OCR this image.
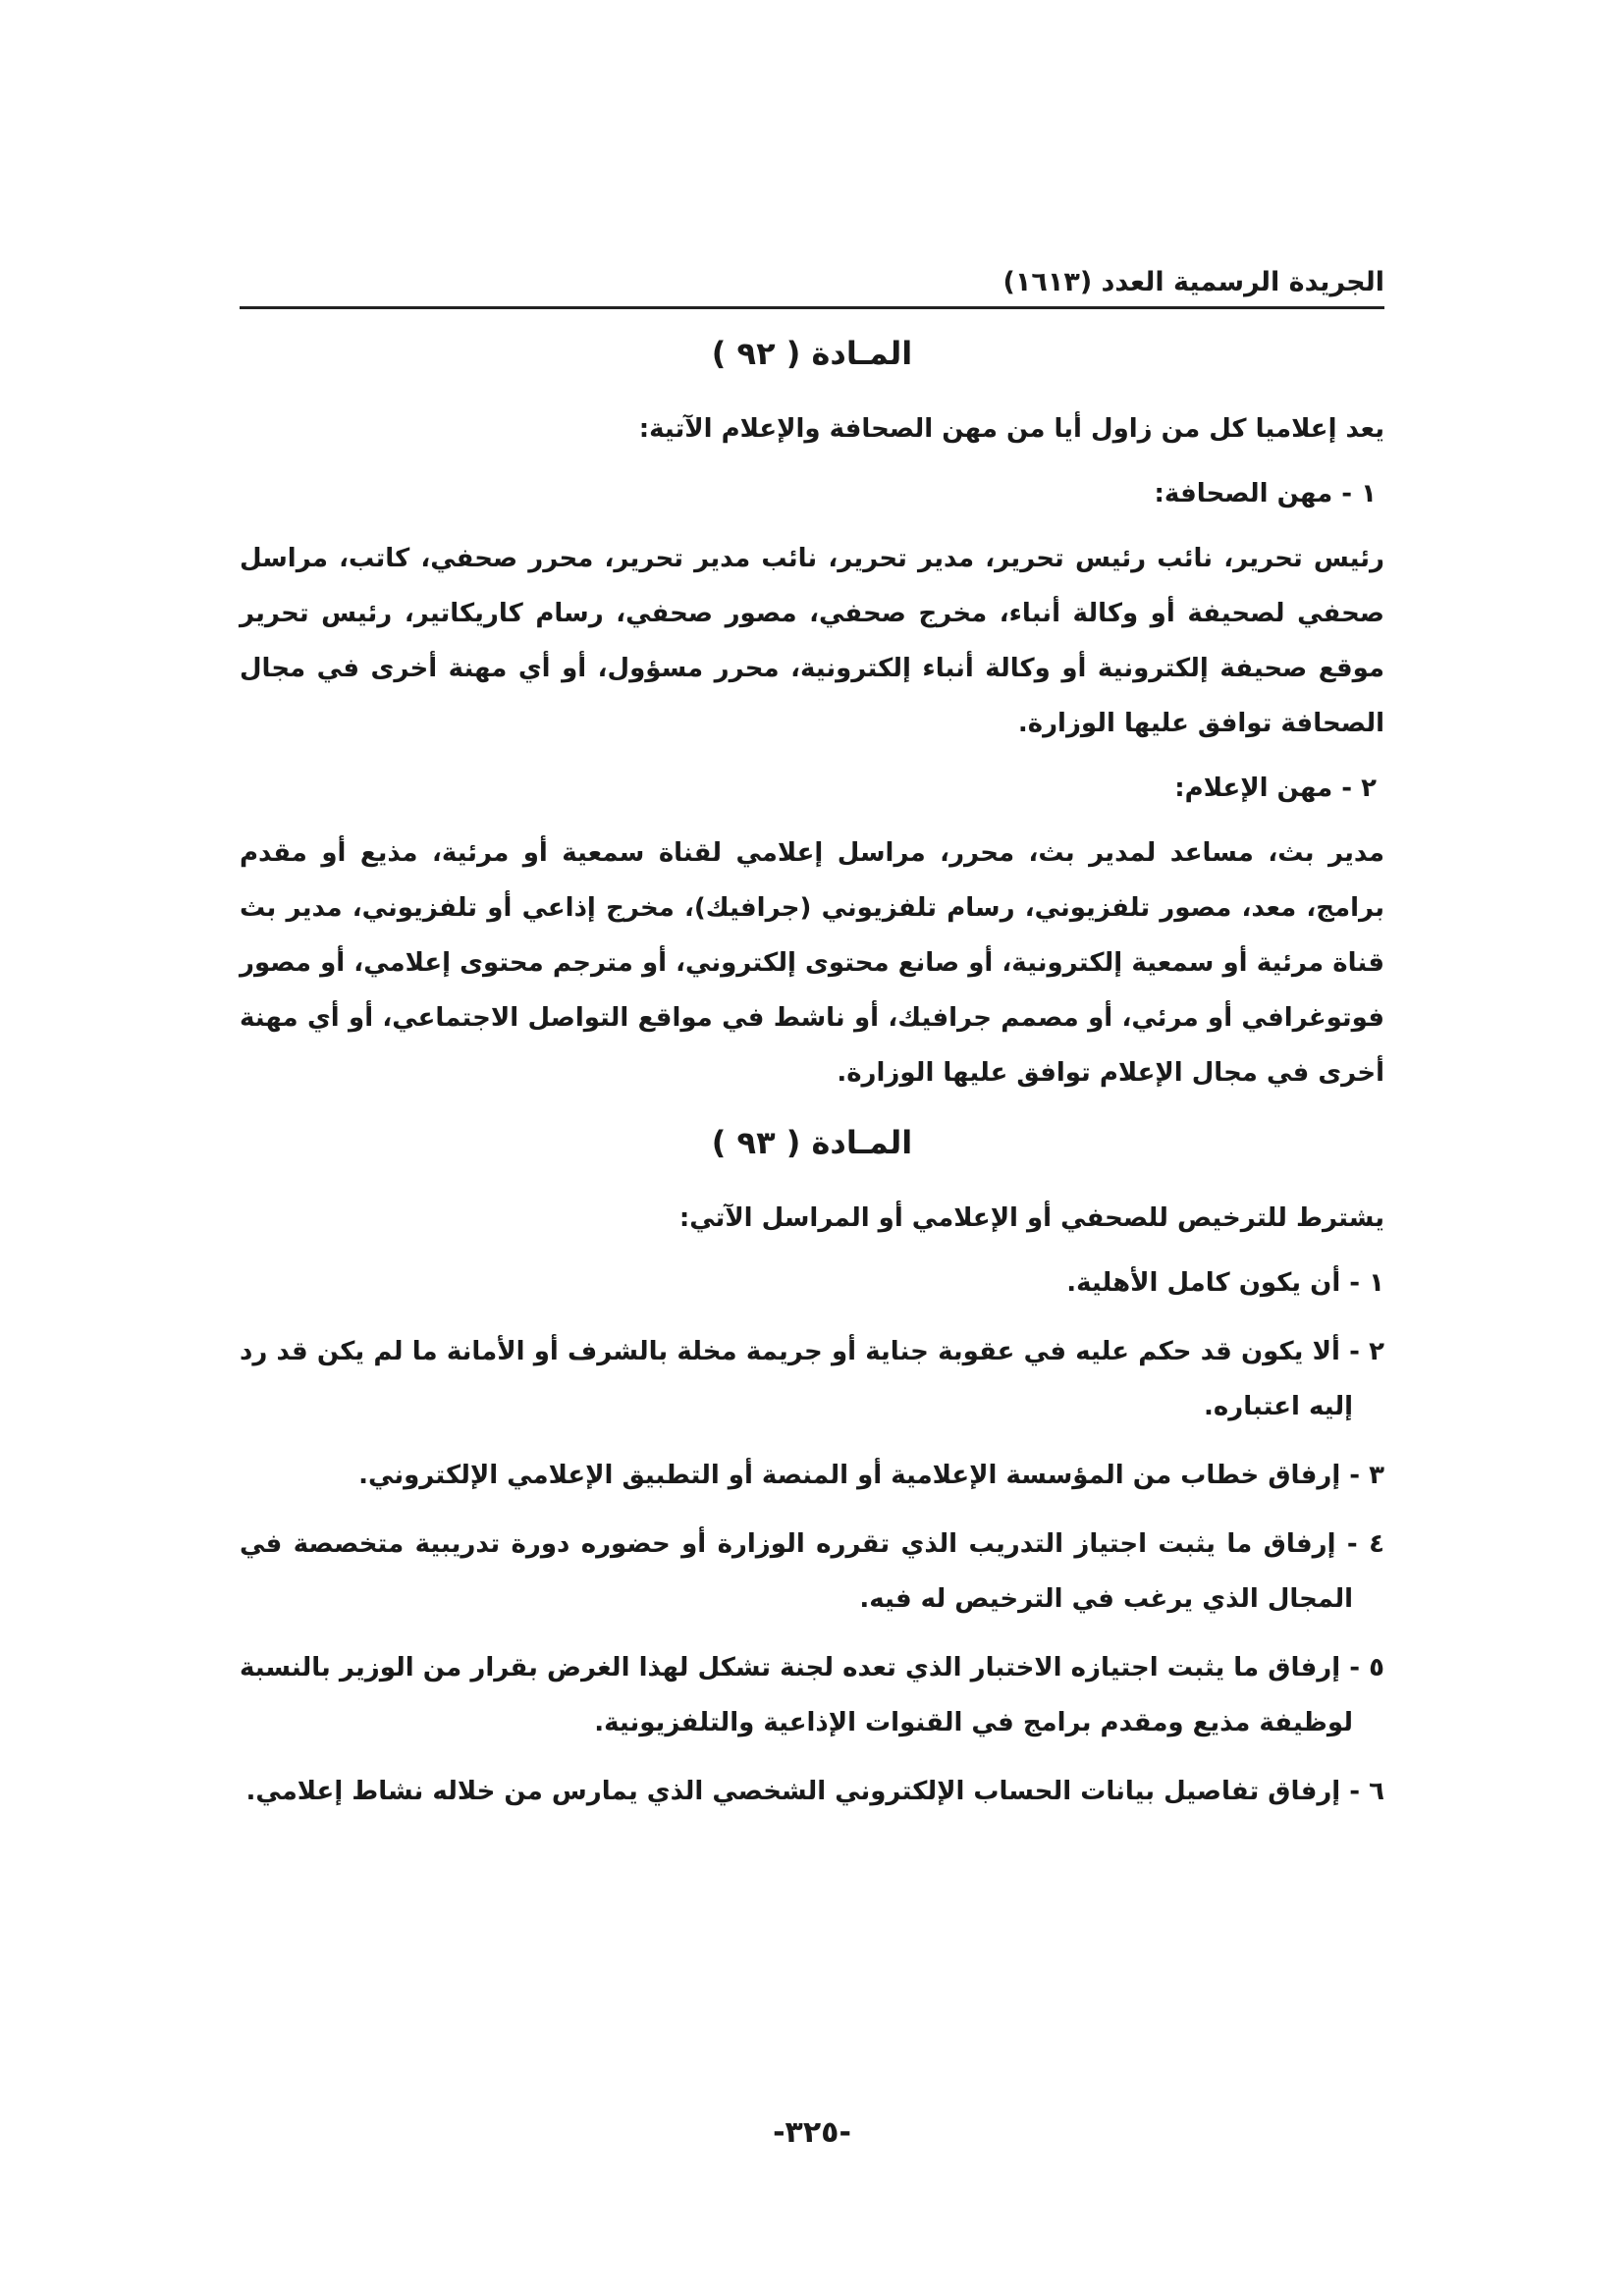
الجريدة الرسمية العدد (١٦١٣)
المـادة ( ٩٢ )

يعد إعلاميا كل من زاول أيا من مهن الصحافة والإعلام الآتية:

١ - مهن الصحافة:

رئيس تحرير، نائب رئيس تحرير، مدير تحرير، نائب مدير تحرير، محرر صحفي، كاتب، مراسل صحفي لصحيفة أو وكالة أنباء، مخرج صحفي، مصور صحفي، رسام كاريكاتير، رئيس تحرير موقع صحيفة إلكترونية أو وكالة أنباء إلكترونية، محرر مسؤول، أو أي مهنة أخرى في مجال الصحافة توافق عليها الوزارة.

٢ - مهن الإعلام:

مدير بث، مساعد لمدير بث، محرر، مراسل إعلامي لقناة سمعية أو مرئية، مذيع أو مقدم برامج، معد، مصور تلفزيوني، رسام تلفزيوني (جرافيك)، مخرج إذاعي أو تلفزيوني، مدير بث قناة مرئية أو سمعية إلكترونية، أو صانع محتوى إلكتروني، أو مترجم محتوى إعلامي، أو مصور فوتوغرافي أو مرئي، أو مصمم جرافيك، أو ناشط في مواقع التواصل الاجتماعي، أو أي مهنة أخرى في مجال الإعلام توافق عليها الوزارة.

المـادة ( ٩٣ )

يشترط للترخيص للصحفي أو الإعلامي أو المراسل الآتي:

١ - أن يكون كامل الأهلية.

٢ - ألا يكون قد حكم عليه في عقوبة جناية أو جريمة مخلة بالشرف أو الأمانة ما لم يكن قد رد إليه اعتباره.

٣ - إرفاق خطاب من المؤسسة الإعلامية أو المنصة أو التطبيق الإعلامي الإلكتروني.

٤ - إرفاق ما يثبت اجتياز التدريب الذي تقرره الوزارة أو حضوره دورة تدريبية متخصصة في المجال الذي يرغب في الترخيص له فيه.

٥ - إرفاق ما يثبت اجتيازه الاختبار الذي تعده لجنة تشكل لهذا الغرض بقرار من الوزير بالنسبة لوظيفة مذيع ومقدم برامج في القنوات الإذاعية والتلفزيونية.

٦ - إرفاق تفاصيل بيانات الحساب الإلكتروني الشخصي الذي يمارس من خلاله نشاط إعلامي.

-٣٢٥-
